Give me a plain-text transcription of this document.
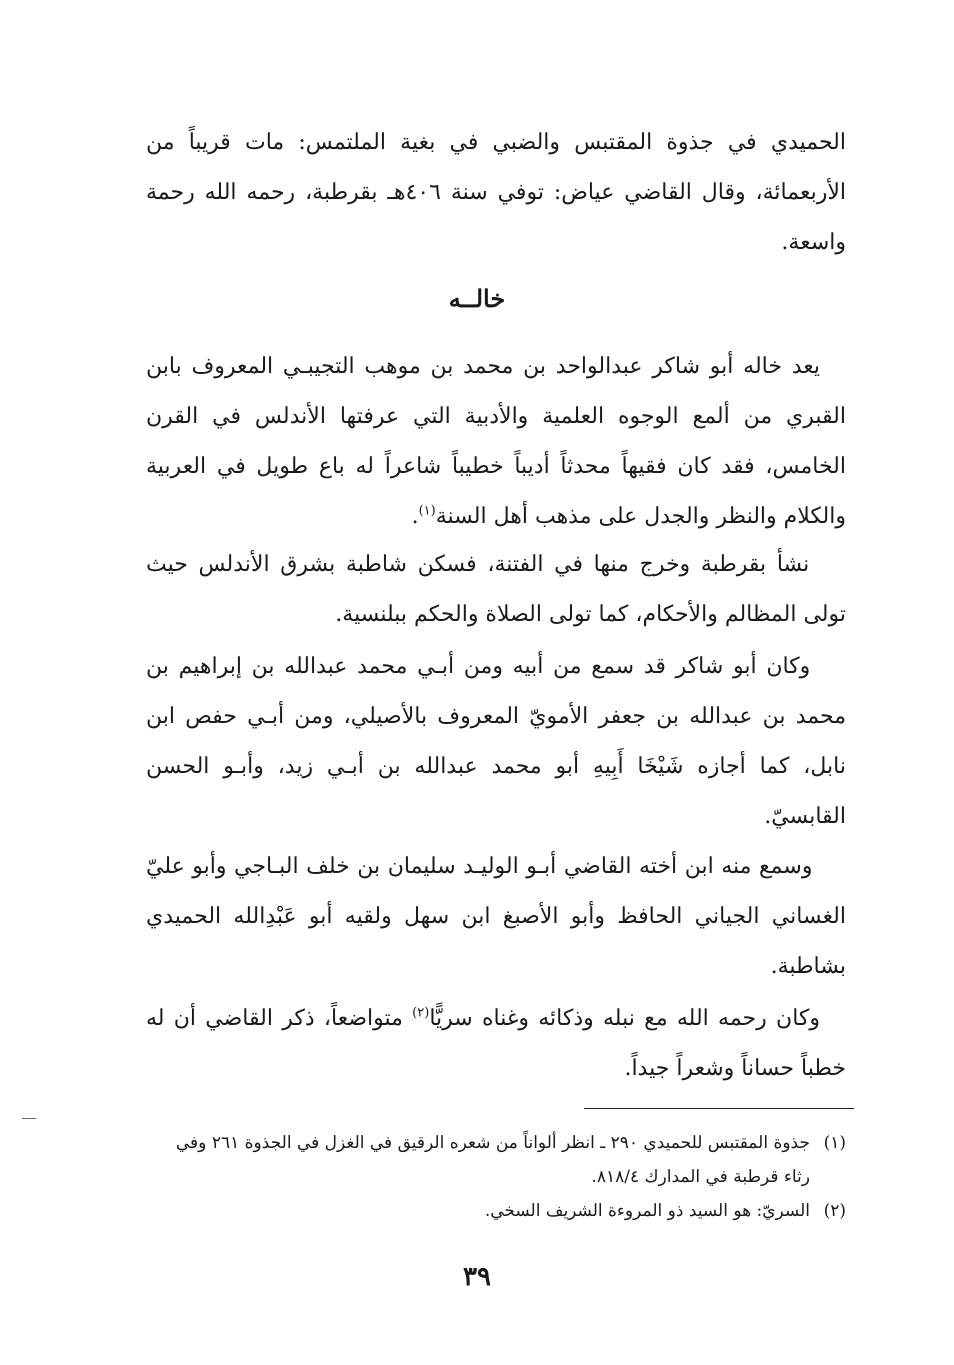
الحميدي في جذوة المقتبس والضبي في بغية الملتمس: مات قريباً من الأربعمائة، وقال القاضي عياض: توفي سنة ٤٠٦هـ بقرطبة، رحمه الله رحمة واسعة.
خالــه
يعد خاله أبو شاكر عبدالواحد بن محمد بن موهب التجيبـي المعروف بابن القبري من ألمع الوجوه العلمية والأدبية التي عرفتها الأندلس في القرن الخامس، فقد كان فقيهاً محدثاً أديباً خطيباً شاعراً له باع طويل في العربية والكلام والنظر والجدل على مذهب أهل السنة$^{(١)}$.
نشأ بقرطبة وخرج منها في الفتنة، فسكن شاطبة بشرق الأندلس حيث تولى المظالم والأحكام، كما تولى الصلاة والحكم ببلنسية.
وكان أبو شاكر قد سمع من أبيه ومن أبـي محمد عبدالله بن إبراهيم بن محمد بن عبدالله بن جعفر الأمويّ المعروف بالأصيلي، ومن أبـي حفص ابن نابل، كما أجازه شَيْخَا أَبِيهِ أبو محمد عبدالله بن أبـي زيد، وأبـو الحسن القابسيّ.
وسمع منه ابن أخته القاضي أبـو الوليـد سليمان بن خلف البـاجي وأبو عليّ الغساني الجياني الحافظ وأبو الأصبغ ابن سهل ولقيه أبو عَبْدِالله الحميدي بشاطبة.
وكان رحمه الله مع نبله وذكائه وغناه سريًّا$^{(٢)}$ متواضعاً، ذكر القاضي أن له خطباً حساناً وشعراً جيداً.
(١)
جذوة المقتبس للحميدي ٢٩٠ ـ انظر ألواناً من شعره الرقيق في الغزل في الجذوة ٢٦١ وفي رثاء قرطبة في المدارك ٨١٨/٤.
(٢)
السريّ: هو السيد ذو المروءة الشريف السخي.
٣٩
